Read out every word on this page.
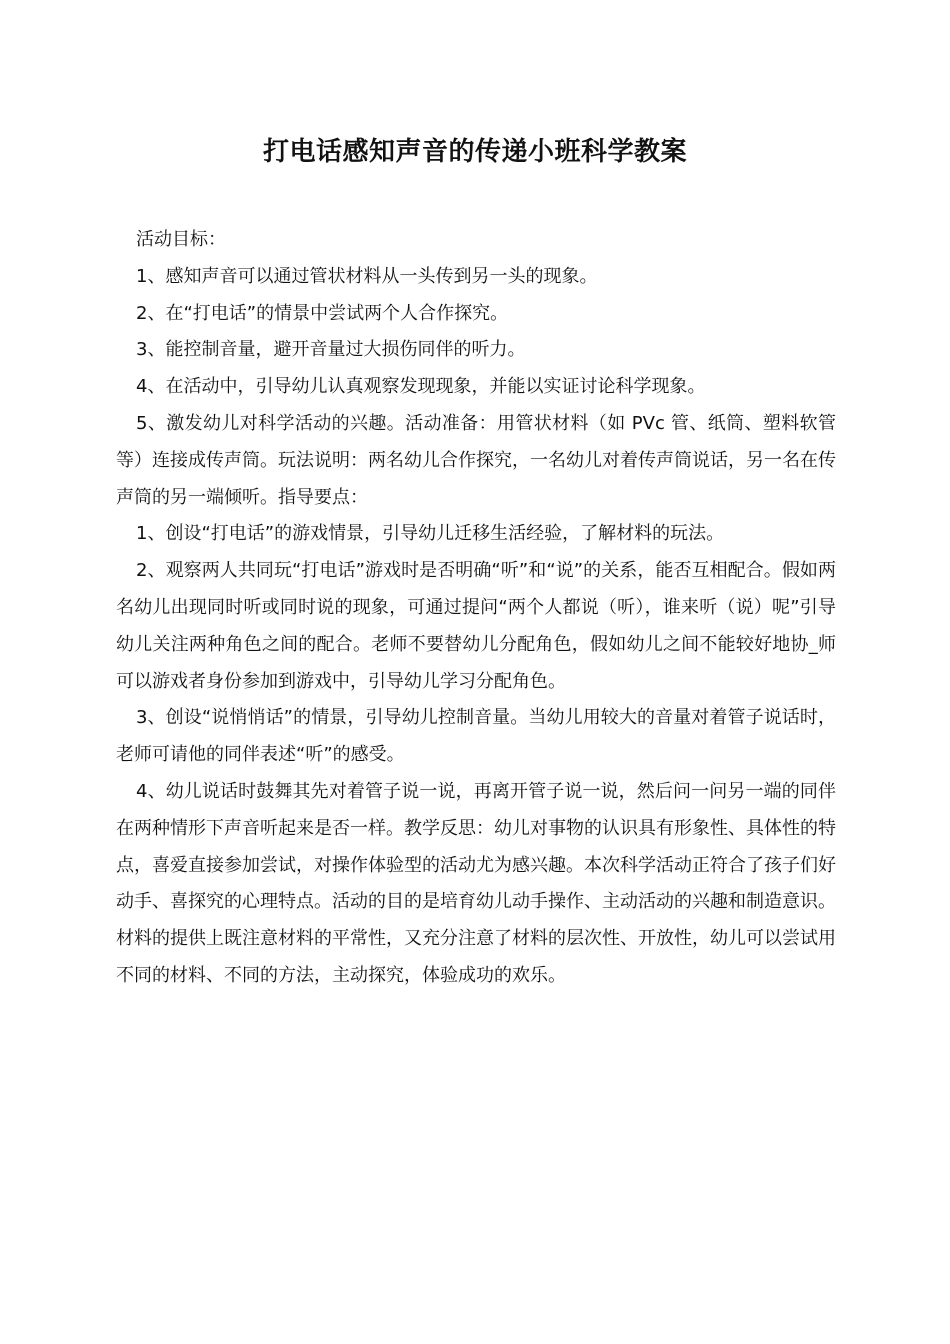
打电话感知声音的传递小班科学教案

活动目标：

1、感知声音可以通过管状材料从一头传到另一头的现象。

2、在“打电话”的情景中尝试两个人合作探究。

3、能控制音量，避开音量过大损伤同伴的听力。

4、在活动中，引导幼儿认真观察发现现象，并能以实证讨论科学现象。

5、激发幼儿对科学活动的兴趣。活动准备：用管状材料（如 PVc 管、纸筒、塑料软管等）连接成传声筒。玩法说明：两名幼儿合作探究，一名幼儿对着传声筒说话，另一名在传声筒的另一端倾听。指导要点：

1、创设“打电话”的游戏情景，引导幼儿迁移生活经验，了解材料的玩法。

2、观察两人共同玩“打电话”游戏时是否明确“听”和“说”的关系，能否互相配合。假如两名幼儿出现同时听或同时说的现象，可通过提问“两个人都说（听），谁来听（说）呢”引导幼儿关注两种角色之间的配合。老师不要替幼儿分配角色，假如幼儿之间不能较好地协_师可以游戏者身份参加到游戏中，引导幼儿学习分配角色。

3、创设“说悄悄话”的情景，引导幼儿控制音量。当幼儿用较大的音量对着管子说话时，老师可请他的同伴表述“听”的感受。

4、幼儿说话时鼓舞其先对着管子说一说，再离开管子说一说，然后问一问另一端的同伴在两种情形下声音听起来是否一样。教学反思：幼儿对事物的认识具有形象性、具体性的特点，喜爱直接参加尝试，对操作体验型的活动尤为感兴趣。本次科学活动正符合了孩子们好动手、喜探究的心理特点。活动的目的是培育幼儿动手操作、主动活动的兴趣和制造意识。材料的提供上既注意材料的平常性，又充分注意了材料的层次性、开放性，幼儿可以尝试用不同的材料、不同的方法，主动探究，体验成功的欢乐。
